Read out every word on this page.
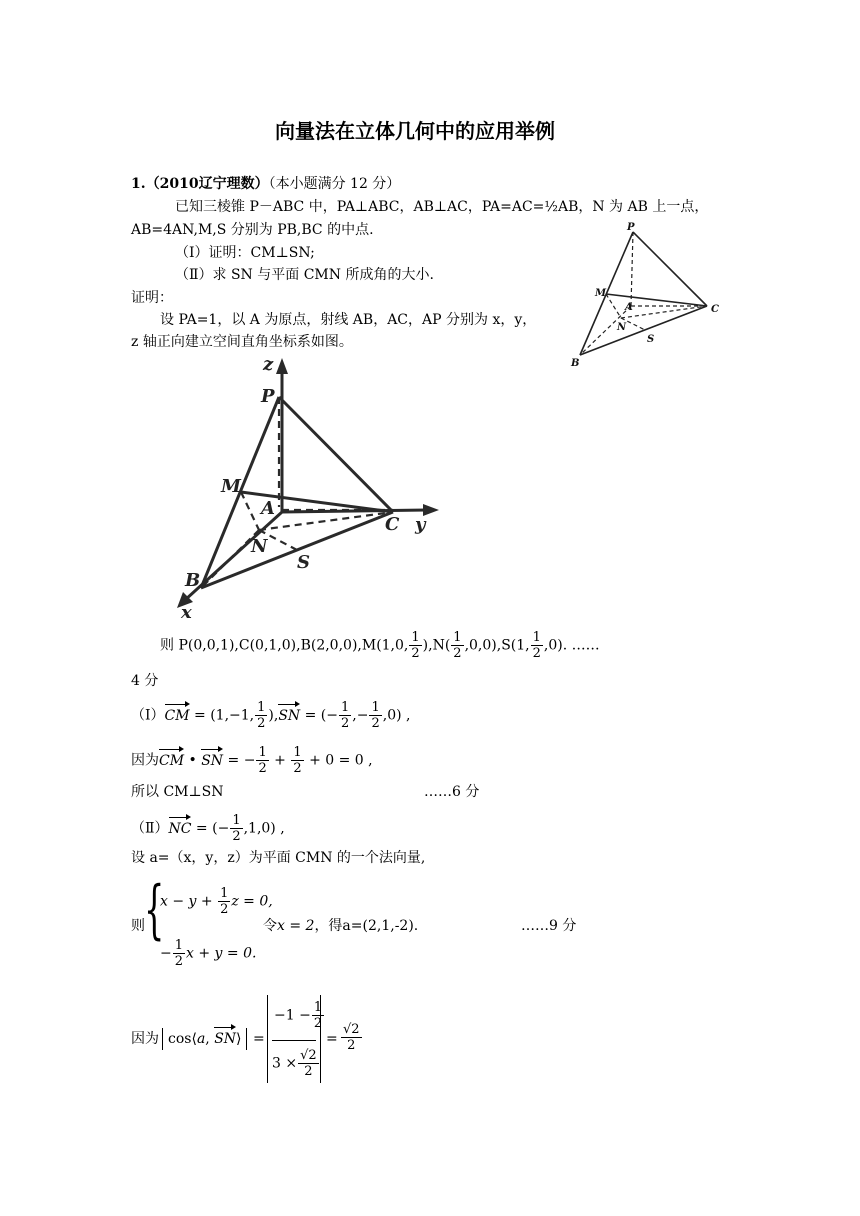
向量法在立体几何中的应用举例
1.（2010辽宁理数）（本小题满分 12 分）
已知三棱锥 P－ABC 中，PA⊥ABC，AB⊥AC，PA=AC=½AB，N 为 AB 上一点，
AB=4AN,M,S 分别为 PB,BC 的中点.
（Ⅰ）证明：CM⊥SN;
（Ⅱ）求 SN 与平面 CMN 所成角的大小.
证明：
设 PA=1，以 A 为原点，射线 AB，AC，AP 分别为 x，y，
z 轴正向建立空间直角坐标系如图。
P
M
A	C
N
S
B
z
P
M
A
C y
N
S
B
x
则 P(0,0,1),C(0,1,0),B(2,0,0),M(1,0, $\frac{1}{2} ),N( \frac{1}{2} ,0,0),S(1$, $\frac{1}{2} ,0$). ……
4 分
（Ⅰ）CM = (1,−1, $\frac{1}{2} ),SN$ = (− $\frac{1}{2}$ ,− $\frac{1}{2} ,0$) ,
因为CM • SN = − $\frac{1}{2} + \frac{1}{2} + 0 = 0$ ,
所以 CM⊥SN	……6 分
（Ⅱ）NC = (− $\frac{1}{2} ,1,0$) ,
设 a=（x，y，z）为平面 CMN 的一个法向量,
则 {
$x - y + \frac{1}{2}$ z = 0,
− $\frac{1}{2}$ x + y = 0.
令x = 2，得a=(2,1,-2).	……9 分
因为 cos⟨a, SN⟩ =
$-1 - \frac{1}{2}$
$3 \times \frac{√2}{2}$
= $\frac{√2}{2}$
